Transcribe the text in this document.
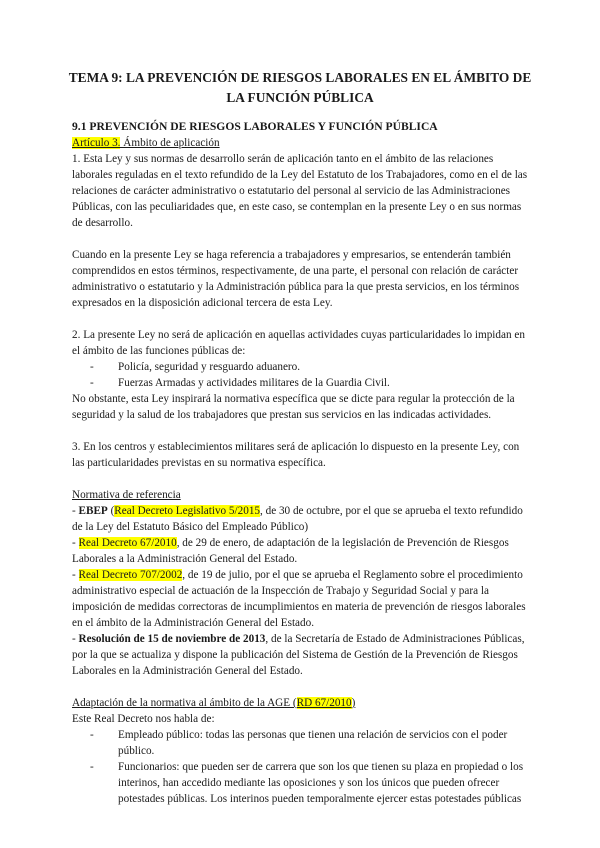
TEMA 9: LA PREVENCIÓN DE RIESGOS LABORALES EN EL ÁMBITO DE LA FUNCIÓN PÚBLICA

9.1 PREVENCIÓN DE RIESGOS LABORALES Y FUNCIÓN PÚBLICA

Artículo 3. Ámbito de aplicación

1. Esta Ley y sus normas de desarrollo serán de aplicación tanto en el ámbito de las relaciones laborales reguladas en el texto refundido de la Ley del Estatuto de los Trabajadores, como en el de las relaciones de carácter administrativo o estatutario del personal al servicio de las Administraciones Públicas, con las peculiaridades que, en este caso, se contemplan en la presente Ley o en sus normas de desarrollo.

Cuando en la presente Ley se haga referencia a trabajadores y empresarios, se entenderán también comprendidos en estos términos, respectivamente, de una parte, el personal con relación de carácter administrativo o estatutario y la Administración pública para la que presta servicios, en los términos expresados en la disposición adicional tercera de esta Ley.

2. La presente Ley no será de aplicación en aquellas actividades cuyas particularidades lo impidan en el ámbito de las funciones públicas de:

- Policía, seguridad y resguardo aduanero.
- Fuerzas Armadas y actividades militares de la Guardia Civil.

No obstante, esta Ley inspirará la normativa específica que se dicte para regular la protección de la seguridad y la salud de los trabajadores que prestan sus servicios en las indicadas actividades.

3. En los centros y establecimientos militares será de aplicación lo dispuesto en la presente Ley, con las particularidades previstas en su normativa específica.

Normativa de referencia

- EBEP (Real Decreto Legislativo 5/2015, de 30 de octubre, por el que se aprueba el texto refundido de la Ley del Estatuto Básico del Empleado Público)

- Real Decreto 67/2010, de 29 de enero, de adaptación de la legislación de Prevención de Riesgos Laborales a la Administración General del Estado.

- Real Decreto 707/2002, de 19 de julio, por el que se aprueba el Reglamento sobre el procedimiento administrativo especial de actuación de la Inspección de Trabajo y Seguridad Social y para la imposición de medidas correctoras de incumplimientos en materia de prevención de riesgos laborales en el ámbito de la Administración General del Estado.

- Resolución de 15 de noviembre de 2013, de la Secretaría de Estado de Administraciones Públicas, por la que se actualiza y dispone la publicación del Sistema de Gestión de la Prevención de Riesgos Laborales en la Administración General del Estado.

Adaptación de la normativa al ámbito de la AGE (RD 67/2010)

Este Real Decreto nos habla de:

- Empleado público: todas las personas que tienen una relación de servicios con el poder público.
- Funcionarios: que pueden ser de carrera que son los que tienen su plaza en propiedad o los interinos, han accedido mediante las oposiciones y son los únicos que pueden ofrecer potestades públicas. Los interinos pueden temporalmente ejercer estas potestades públicas
